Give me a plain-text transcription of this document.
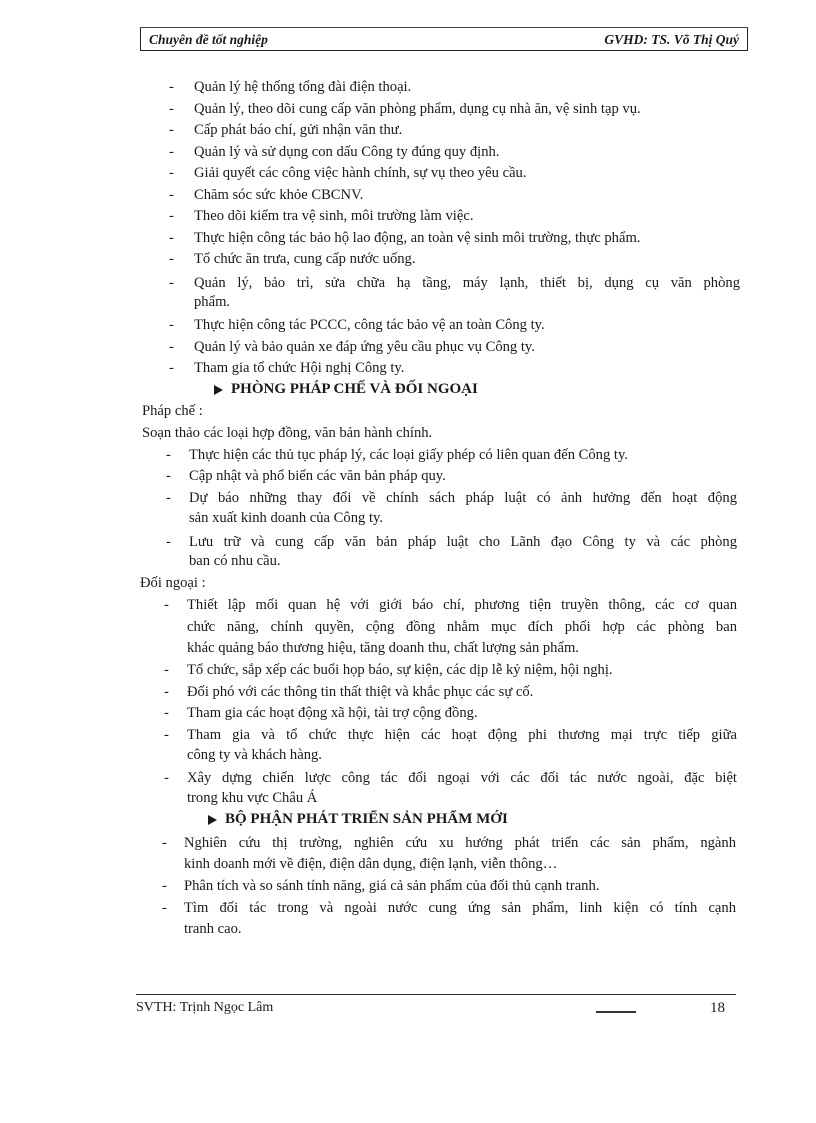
Chuyên đề tốt nghiệp	GVHD: TS. Võ Thị Quý
- Quản lý hệ thống tổng đài điện thoại.
- Quản lý, theo dõi cung cấp văn phòng phẩm, dụng cụ nhà ăn, vệ sinh tạp vụ.
- Cấp phát báo chí, gửi nhận văn thư.
- Quản lý và sử dụng con dấu Công ty đúng quy định.
- Giải quyết các công việc hành chính, sự vụ theo yêu cầu.
- Chăm sóc sức khỏe CBCNV.
- Theo dõi kiểm tra vệ sinh, môi trường làm việc.
- Thực hiện công tác bảo hộ lao động, an toàn vệ sinh môi trường, thực phẩm.
- Tổ chức ăn trưa, cung cấp nước uống.
- Quản lý, bảo trì, sửa chữa hạ tầng, máy lạnh, thiết bị, dụng cụ văn phòng
phẩm.
- Thực hiện công tác PCCC, công tác bảo vệ an toàn Công ty.
- Quản lý và bảo quản xe đáp ứng yêu cầu phục vụ Công ty.
- Tham gia tổ chức Hội nghị Công ty.
PHÒNG PHÁP CHẾ VÀ ĐỐI NGOẠI
Pháp chế :
Soạn thảo các loại hợp đồng, văn bản hành chính.
- Thực hiện các thủ tục pháp lý, các loại giấy phép có liên quan đến Công ty.
- Cập nhật và phổ biến các văn bản pháp quy.
- Dự báo những thay đổi về chính sách pháp luật có ảnh hưởng đến hoạt động
sản xuất kinh doanh của Công ty.
- Lưu trữ và cung cấp văn bản pháp luật cho Lãnh đạo Công ty và các phòng
ban có nhu cầu.
Đối ngoại :
- Thiết lập mối quan hệ với giới báo chí, phương tiện truyền thông, các cơ quan
chức năng, chính quyền, cộng đồng nhằm mục đích phối hợp các phòng ban
khác quảng báo thương hiệu, tăng doanh thu, chất lượng sản phẩm.
- Tổ chức, sắp xếp các buổi họp báo, sự kiện, các dịp lễ kỷ niệm, hội nghị.
- Đối phó với các thông tin thất thiệt và khắc phục các sự cố.
- Tham gia các hoạt động xã hội, tài trợ cộng đồng.
- Tham gia và tổ chức thực hiện các hoạt động phi thương mại trực tiếp giữa
công ty và khách hàng.
- Xây dựng chiến lược công tác đối ngoại với các đối tác nước ngoài, đặc biệt
trong khu vực Châu Á
BỘ PHẬN PHÁT TRIỂN SẢN PHẨM MỚI
- Nghiên cứu thị trường, nghiên cứu xu hướng phát triển các sản phẩm, ngành
kinh doanh mới về điện, điện dân dụng, điện lạnh, viễn thông…
- Phân tích và so sánh tính năng, giá cả sản phẩm của đối thủ cạnh tranh.
- Tìm đối tác trong và ngoài nước cung ứng sản phẩm, linh kiện có tính cạnh
tranh cao.
SVTH: Trịnh Ngọc Lâm	18
